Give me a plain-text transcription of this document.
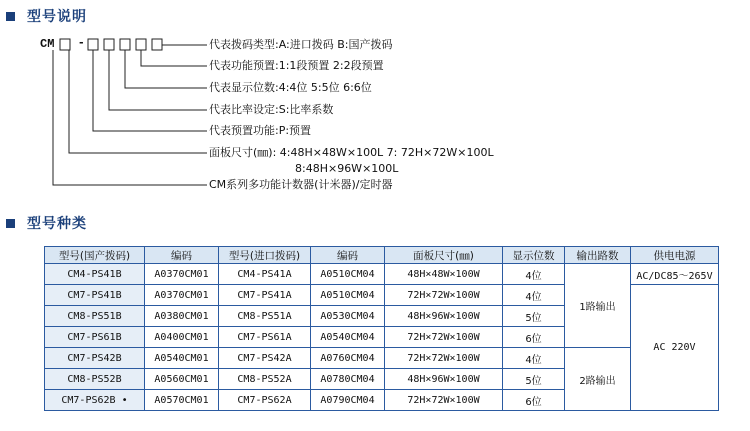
型号说明
CM -	代表拨码类型:A:进口拨码 B:国产拨码
代表功能预置:1:1段预置 2:2段预置
代表显示位数:4:4位 5:5位 6:6位
代表比率设定:S:比率系数
代表预置功能:P:预置
面板尺寸(㎜): 4:48H×48W×100L 7: 72H×72W×100L
8:48H×96W×100L
CM系列多功能计数器(计米器)/定时器
型号种类
型号(国产拨码)	编码	型号(进口拨码)	编码	面板尺寸(㎜)	显示位数	输出路数	供电电源
CM4-PS41B	A0370CM01	CM4-PS41A	A0510CM04	48H×48W×100W	4位	1路输出	AC/DC85～265V
CM7-PS41B	A0370CM01	CM7-PS41A	A0510CM04	72H×72W×100W	4位		AC 220V
CM8-PS51B	A0380CM01	CM8-PS51A	A0530CM04	48H×96W×100W	5位		
CM7-PS61B	A0400CM01	CM7-PS61A	A0540CM04	72H×72W×100W	6位		
CM7-PS42B	A0540CM01	CM7-PS42A	A0760CM04	72H×72W×100W	4位	2路输出	
CM8-PS52B	A0560CM01	CM8-PS52A	A0780CM04	48H×96W×100W	5位		
CM7-PS62B •	A0570CM01	CM7-PS62A	A0790CM04	72H×72W×100W	6位		
